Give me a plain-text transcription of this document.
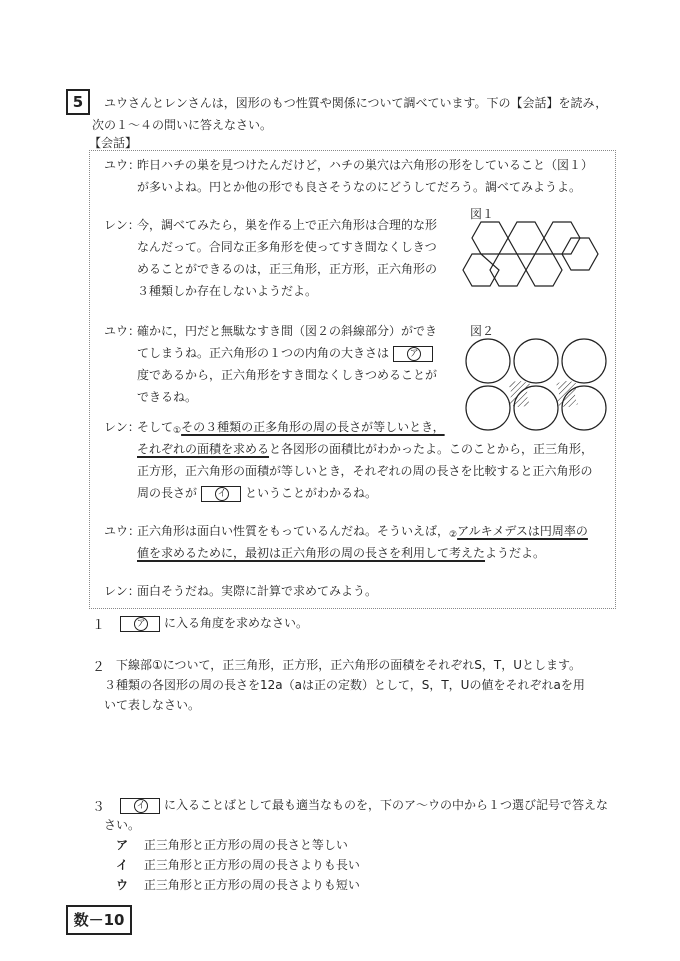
5	ユウさんとレンさんは，図形のもつ性質や関係について調べています。下の【会話】を読み，
次の１～４の問いに答えなさい。
【会話】
ユウ：
昨日ハチの巣を見つけたんだけど，ハチの巣穴は六角形の形をしていること（図１）
が多いよね。円とか他の形でも良さそうなのにどうしてだろう。調べてみようよ。
レン：
今，調べてみたら，巣を作る上で正六角形は合理的な形
なんだって。合同な正多角形を使ってすき間なくしきつ
めることができるのは，正三角形，正方形，正六角形の
３種類しか存在しないようだよ。
図１
ユウ：
確かに，円だと無駄なすき間（図２の斜線部分）ができ
てしまうね。正六角形の１つの内角の大きさは ア
度であるから，正六角形をすき間なくしきつめることが
できるね。
図２
レン：
そして①その３種類の正多角形の周の長さが等しいとき，
それぞれの面積を求めると各図形の面積比がわかったよ。このことから，正三角形，
正方形，正六角形の面積が等しいとき，それぞれの周の長さを比較すると正六角形の
周の長さが イ ということがわかるね。
ユウ：
正六角形は面白い性質をもっているんだね。そういえば，②アルキメデスは円周率の
値を求めるために，最初は正六角形の周の長さを利用して考えたようだよ。
レン：
面白そうだね。実際に計算で求めてみよう。
１	ア に入る角度を求めなさい。
２ 下線部①について，正三角形，正方形，正六角形の面積をそれぞれS，T，Uとします。
３種類の各図形の周の長さを12a（aは正の定数）として，S，T，Uの値をそれぞれaを用
いて表しなさい。
３	イ に入ることばとして最も適当なものを，下のア～ウの中から１つ選び記号で答えな
さい。
ア 正三角形と正方形の周の長さと等しい
イ 正三角形と正方形の周の長さよりも長い
ウ 正三角形と正方形の周の長さよりも短い
数－10
